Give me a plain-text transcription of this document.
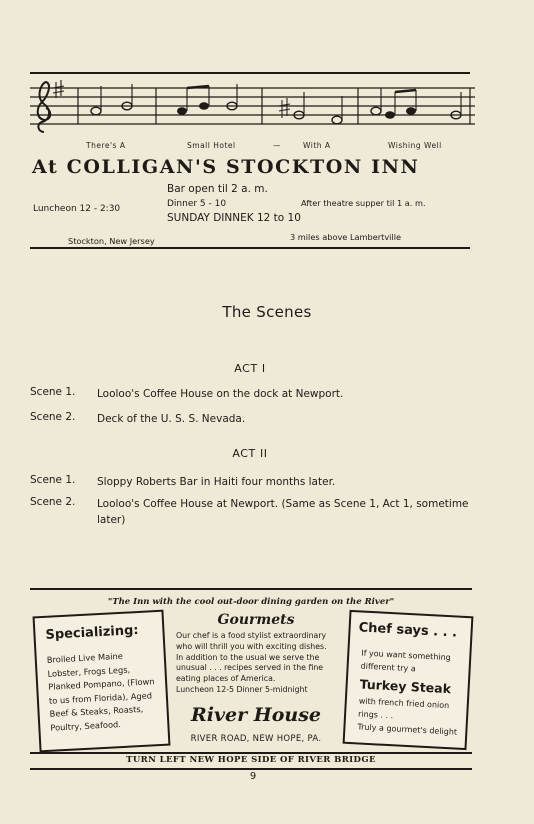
There's A	Small Hotel	—	With A	Wishing Well
At COLLIGAN'S STOCKTON INN
Bar open til 2 a. m.
Luncheon 12 - 2:30	Dinner 5 - 10	After theatre supper til 1 a. m.
SUNDAY DINNEK 12 to 10
Stockton, New Jersey	3 miles above Lambertville
The Scenes
ACT I
Scene 1.	Looloo's Coffee House on the dock at Newport.
Scene 2.	Deck of the U. S. S. Nevada.
ACT II
Scene 1.	Sloppy Roberts Bar in Haiti four months later.
Scene 2.	Looloo's Coffee House at Newport. (Same as Scene 1, Act 1, sometime later)
"The Inn with the cool out-door dining garden on the River"
Specializing:
Broiled Live Maine Lobster, Frogs Legs, Planked Pompano, (Flown to us from Florida), Aged Beef & Steaks, Roasts, Poultry, Seafood.
Gourmets
Our chef is a food stylist extraordinary who will thrill you with exciting dishes. In addition to the usual we serve the unusual . . . recipes served in the fine eating places of America.
Luncheon 12-5 Dinner 5-midnight
River House
RIVER ROAD, NEW HOPE, PA.
Chef says . . .
If you want something
different try a
Turkey Steak
with french fried onion
rings . . .
Truly a gourmet's delight
TURN LEFT NEW HOPE SIDE OF RIVER BRIDGE
9
